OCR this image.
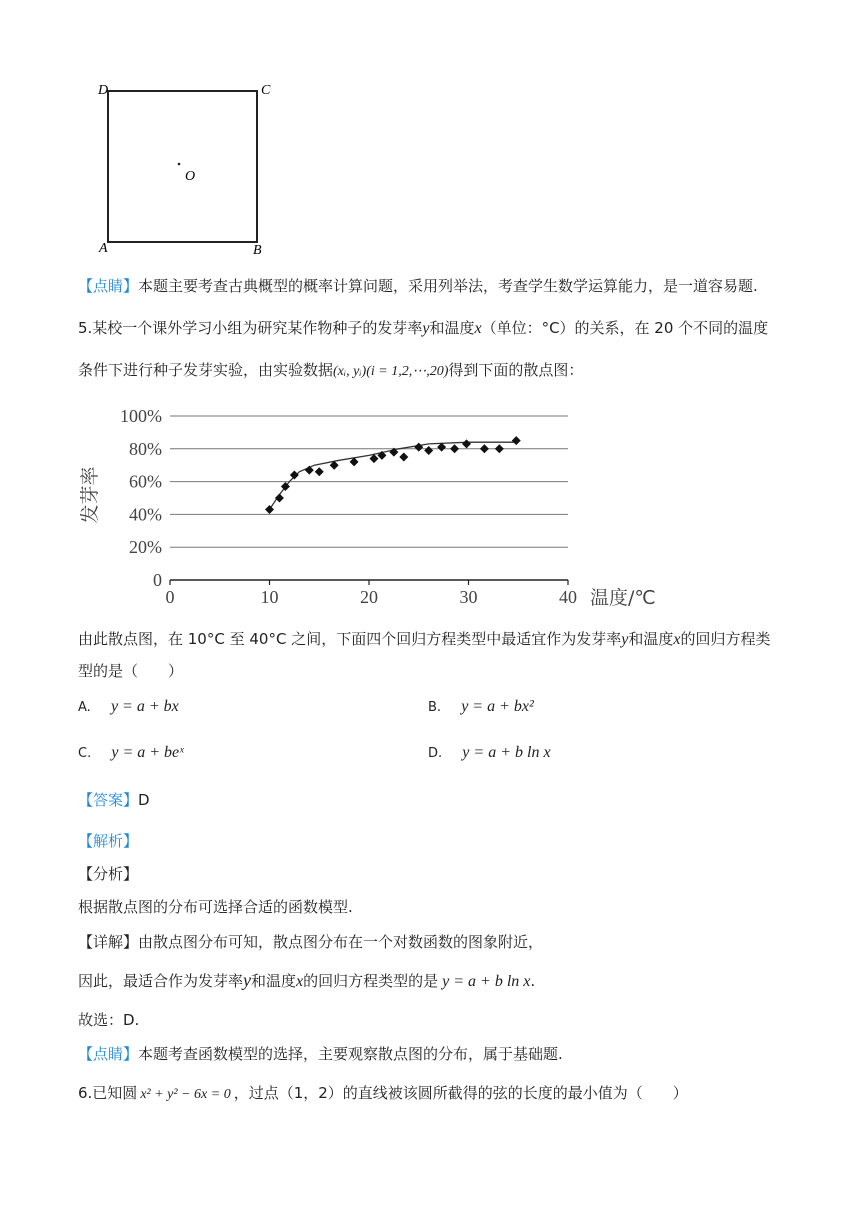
D	C
A	B
O
【点睛】本题主要考查古典概型的概率计算问题，采用列举法，考查学生数学运算能力，是一道容易题.
5.某校一个课外学习小组为研究某作物种子的发芽率y和温度x（单位：°C）的关系，在 20 个不同的温度
条件下进行种子发芽实验，由实验数据(xᵢ, yᵢ)(i = 1,2,⋯,20)得到下面的散点图：
发芽率
0
20%
40%
60%
80%
100%
0	10	20	30	40 温度/℃
由此散点图，在 10°C 至 40°C 之间，下面四个回归方程类型中最适宜作为发芽率y和温度x的回归方程类
型的是（　　）
A. y = a + bx	B. y = a + bx²
C. y = a + beˣ	D. y = a + b ln x
【答案】D
【解析】
【分析】
根据散点图的分布可选择合适的函数模型.
【详解】由散点图分布可知，散点图分布在一个对数函数的图象附近，
因此，最适合作为发芽率y和温度x的回归方程类型的是 y = a + b ln x.
故选：D.
【点睛】本题考查函数模型的选择，主要观察散点图的分布，属于基础题.
6.已知圆 x² + y² − 6x = 0 ，过点（1，2）的直线被该圆所截得的弦的长度的最小值为（　　）
